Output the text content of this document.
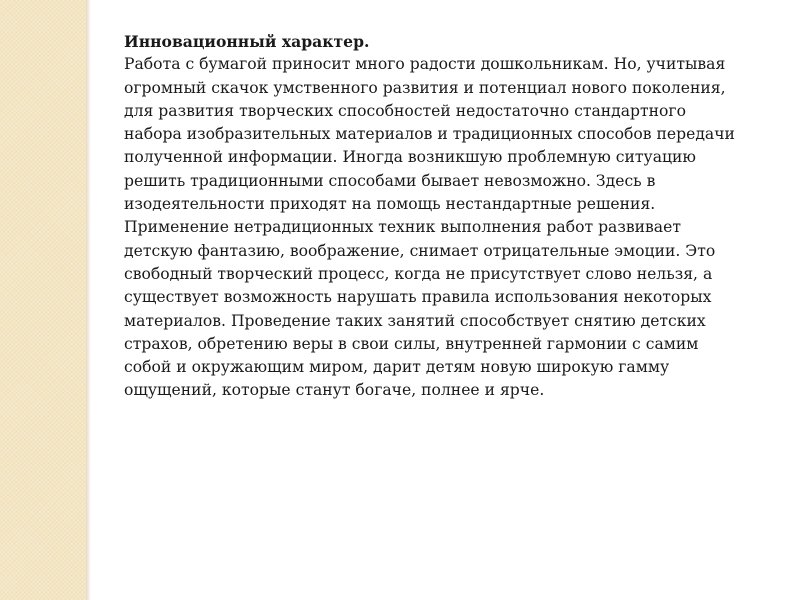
Инновационный характер.
Работа с бумагой приносит много радости дошкольникам. Но, учитывая
огромный скачок умственного развития и потенциал нового поколения,
для развития творческих способностей недостаточно стандартного
набора изобразительных материалов и традиционных способов передачи
полученной информации. Иногда возникшую проблемную ситуацию
решить традиционными способами бывает невозможно. Здесь в
изодеятельности приходят на помощь нестандартные решения.
Применение нетрадиционных техник выполнения работ развивает
детскую фантазию, воображение, снимает отрицательные эмоции. Это
свободный творческий процесс, когда не присутствует слово нельзя, а
существует возможность нарушать правила использования некоторых
материалов. Проведение таких занятий способствует снятию детских
страхов, обретению веры в свои силы, внутренней гармонии с самим
собой и окружающим миром, дарит детям новую широкую гамму
ощущений, которые станут богаче, полнее и ярче.
